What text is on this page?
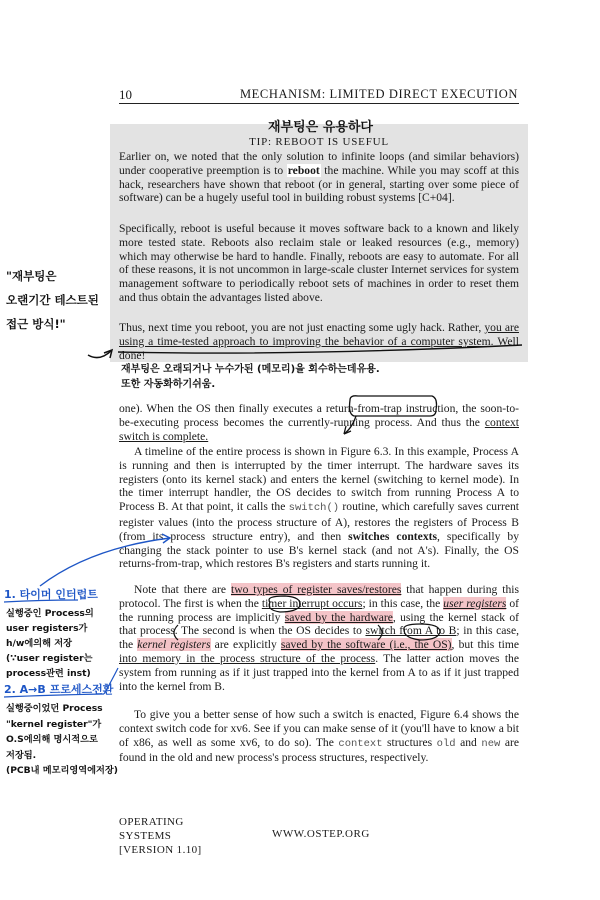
10	MECHANISM: LIMITED DIRECT EXECUTION
TIP: REBOOT IS USEFUL
Earlier on, we noted that the only solution to infinite loops (and similar behaviors) under cooperative preemption is to reboot the machine. While you may scoff at this hack, researchers have shown that reboot (or in general, starting over some piece of software) can be a hugely useful tool in building robust systems [C+04].
Specifically, reboot is useful because it moves software back to a known and likely more tested state. Reboots also reclaim stale or leaked resources (e.g., memory) which may otherwise be hard to handle. Finally, reboots are easy to automate. For all of these reasons, it is not uncommon in large-scale cluster Internet services for system management software to periodically reboot sets of machines in order to reset them and thus obtain the advantages listed above.
Thus, next time you reboot, you are not just enacting some ugly hack. Rather, you are using a time-tested approach to improving the behavior of a computer system. Well done!
one). When the OS then finally executes a return-from-trap instruction, the soon-to-be-executing process becomes the currently-running process. And thus the context switch is complete.
A timeline of the entire process is shown in Figure 6.3. In this example, Process A is running and then is interrupted by the timer interrupt. The hardware saves its registers (onto its kernel stack) and enters the kernel (switching to kernel mode). In the timer interrupt handler, the OS decides to switch from running Process A to Process B. At that point, it calls the switch() routine, which carefully saves current register values (into the process structure of A), restores the registers of Process B (from its process structure entry), and then switches contexts, specifically by changing the stack pointer to use B's kernel stack (and not A's). Finally, the OS returns-from-trap, which restores B's registers and starts running it.
Note that there are two types of register saves/restores that happen during this protocol. The first is when the timer interrupt occurs; in this case, the user registers of the running process are implicitly saved by the hardware, using the kernel stack of that process. The second is when the OS decides to switch from A to B; in this case, the kernel registers are explicitly saved by the software (i.e., the OS), but this time into memory in the process structure of the process. The latter action moves the system from running as if it just trapped into the kernel from A to as if it just trapped into the kernel from B.
To give you a better sense of how such a switch is enacted, Figure 6.4 shows the context switch code for xv6. See if you can make sense of it (you'll have to know a bit of x86, as well as some xv6, to do so). The context structures old and new are found in the old and new process's process structures, respectively.
OPERATING
SYSTEMS
[VERSION 1.10]
WWW.OSTEP.ORG
재부팅은 유용하다
"재부팅은
오랜기간 테스트된
접근 방식!"
재부팅은 오래되거나 누수가된 (메모리)을 회수하는데유용.
또한 자동화하기쉬움.
1. 타이머 인터럽트
실행중인 Process의
user registers가
h/w에의해 저장
(∵user register는
process관련 inst)
2. A→B 프로세스전환
실행중이었던 Process
"kernel register"가
O.S에의해 명시적으로
저장됨.
(PCB내 메모리영역에저장)
